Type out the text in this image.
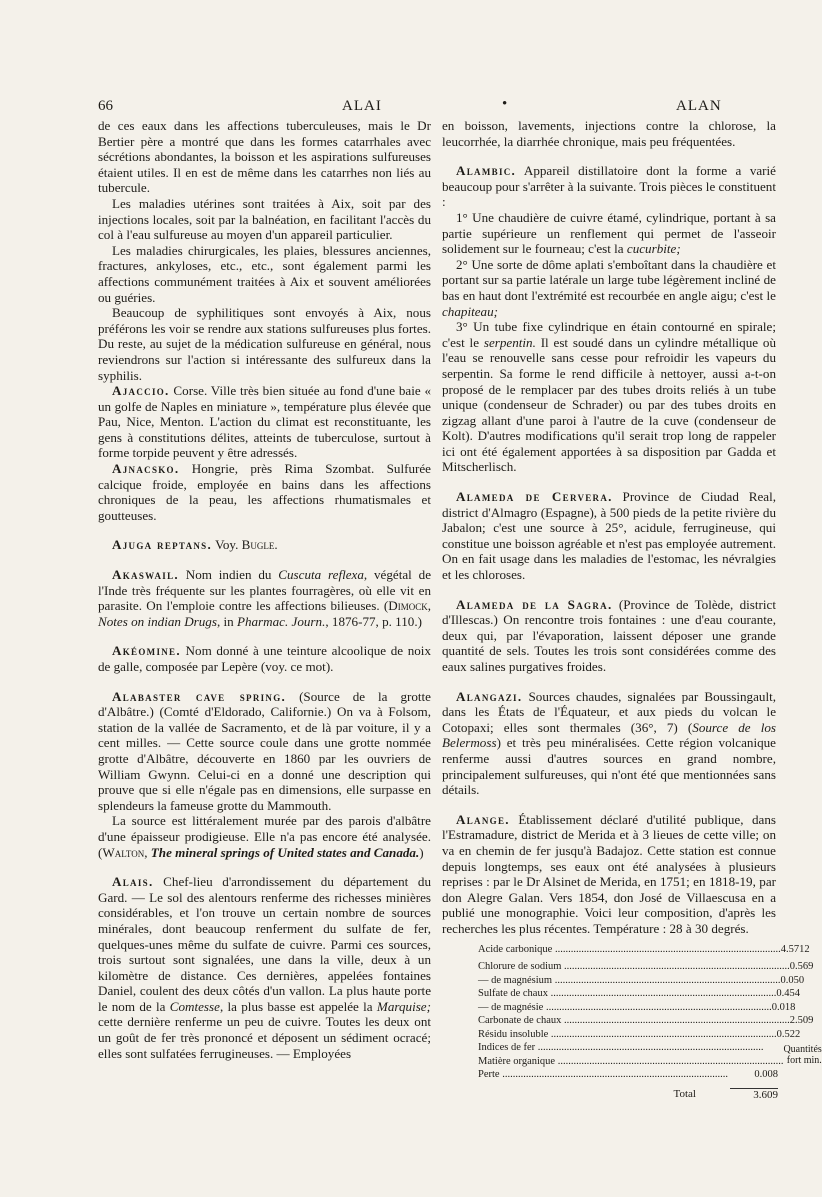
66	ALAI	•	ALAN

de ces eaux dans les affections tuberculeuses, mais le Dr Bertier père a montré que dans les formes catarrhales avec sécrétions abondantes, la boisson et les aspirations sulfureuses étaient utiles. Il en est de même dans les catarrhes non liés au tubercule.

Les maladies utérines sont traitées à Aix, soit par des injections locales, soit par la balnéation, en facilitant l'accès du col à l'eau sulfureuse au moyen d'un appareil particulier.

Les maladies chirurgicales, les plaies, blessures anciennes, fractures, ankyloses, etc., etc., sont également parmi les affections communément traitées à Aix et souvent améliorées ou guéries.

Beaucoup de syphilitiques sont envoyés à Aix, nous préférons les voir se rendre aux stations sulfureuses plus fortes. Du reste, au sujet de la médication sulfureuse en général, nous reviendrons sur l'action si intéressante des sulfureux dans la syphilis.

Ajaccio. Corse. Ville très bien située au fond d'une baie « un golfe de Naples en miniature », température plus élevée que Pau, Nice, Menton. L'action du climat est reconstituante, les gens à constitutions délites, atteints de tuberculose, surtout à forme torpide peuvent y être adressés.

Ajnacsko. Hongrie, près Rima Szombat. Sulfurée calcique froide, employée en bains dans les affections chroniques de la peau, les affections rhumatismales et goutteuses.

Ajuga reptans. Voy. Bugle.

Akaswail. Nom indien du Cuscuta reflexa, végétal de l'Inde très fréquente sur les plantes fourragères, où elle vit en parasite. On l'emploie contre les affections bilieuses. (Dimock, Notes on indian Drugs, in Pharmac. Journ., 1876-77, p. 110.)

Akéomine. Nom donné à une teinture alcoolique de noix de galle, composée par Lepère (voy. ce mot).

Alabaster cave spring. (Source de la grotte d'Albâtre.) (Comté d'Eldorado, Californie.) On va à Folsom, station de la vallée de Sacramento, et de là par voiture, il y a cent milles. — Cette source coule dans une grotte nommée grotte d'Albâtre, découverte en 1860 par les ouvriers de William Gwynn. Celui-ci en a donné une description qui prouve que si elle n'égale pas en dimensions, elle surpasse en splendeurs la fameuse grotte du Mammouth.

La source est littéralement murée par des parois d'albâtre d'une épaisseur prodigieuse. Elle n'a pas encore été analysée. (Walton, The mineral springs of United states and Canada.)

Alais. Chef-lieu d'arrondissement du département du Gard. — Le sol des alentours renferme des richesses minières considérables, et l'on trouve un certain nombre de sources minérales, dont beaucoup renferment du sulfate de fer, quelques-unes même du sulfate de cuivre. Parmi ces sources, trois surtout sont signalées, une dans la ville, deux à un kilomètre de distance. Ces dernières, appelées fontaines Daniel, coulent des deux côtés d'un vallon. La plus haute porte le nom de la Comtesse, la plus basse est appelée la Marquise; cette dernière renferme un peu de cuivre. Toutes les deux ont un goût de fer très prononcé et déposent un sédiment ocracé; elles sont sulfatées ferrugineuses. — Employées

en boisson, lavements, injections contre la chlorose, la leucorrhée, la diarrhée chronique, mais peu fréquentées.

Alambic. Appareil distillatoire dont la forme a varié beaucoup pour s'arrêter à la suivante. Trois pièces le constituent :

1° Une chaudière de cuivre étamé, cylindrique, portant à sa partie supérieure un renflement qui permet de l'asseoir solidement sur le fourneau; c'est la cucurbite;

2° Une sorte de dôme aplati s'emboîtant dans la chaudière et portant sur sa partie latérale un large tube légèrement incliné de bas en haut dont l'extrémité est recourbée en angle aigu; c'est le chapiteau;

3° Un tube fixe cylindrique en étain contourné en spirale; c'est le serpentin. Il est soudé dans un cylindre métallique où l'eau se renouvelle sans cesse pour refroidir les vapeurs du serpentin. Sa forme le rend difficile à nettoyer, aussi a-t-on proposé de le remplacer par des tubes droits reliés à un tube unique (condenseur de Schrader) ou par des tubes droits en zigzag allant d'une paroi à l'autre de la cuve (condenseur de Kolt). D'autres modifications qu'il serait trop long de rappeler ici ont été également apportées à sa disposition par Gadda et Mitscherlisch.

Alameda de Cervera. Province de Ciudad Real, district d'Almagro (Espagne), à 500 pieds de la petite rivière du Jabalon; c'est une source à 25°, acidule, ferrugineuse, qui constitue une boisson agréable et n'est pas employée autrement. On en fait usage dans les maladies de l'estomac, les névralgies et les chloroses.

Alameda de la Sagra. (Province de Tolède, district d'Illescas.) On rencontre trois fontaines : une d'eau courante, deux qui, par l'évaporation, laissent déposer une grande quantité de sels. Toutes les trois sont considérées comme des eaux salines purgatives froides.

Alangazi. Sources chaudes, signalées par Boussingault, dans les États de l'Équateur, et aux pieds du volcan le Cotopaxi; elles sont thermales (36°, 7) (Source de los Belermoss) et très peu minéralisées. Cette région volcanique renferme aussi d'autres sources en grand nombre, principalement sulfureuses, qui n'ont été que mentionnées sans détails.

Alange. Établissement déclaré d'utilité publique, dans l'Estramadure, district de Merida et à 3 lieues de cette ville; on va en chemin de fer jusqu'à Badajoz. Cette station est connue depuis longtemps, ses eaux ont été analysées à plusieurs reprises : par le Dr Alsinet de Merida, en 1751; en 1818-19, par don Alegre Galan. Vers 1854, don José de Villaescusa en a publié une monographie. Voici leur composition, d'après les recherches les plus récentes. Température : 28 à 30 degrés.

Acide carbonique .....	4.5712
Chlorure de sodium .....	0.569
— de magnésium .....	0.050
Sulfate de chaux .....	0.454
— de magnésie .....	0.018
Carbonate de chaux .....	2.509
Résidu insoluble .....	0.522
Indices de fer .....
Matière organique .....
Quantités fort min.
Perte .....	0.008
Total	3.609
